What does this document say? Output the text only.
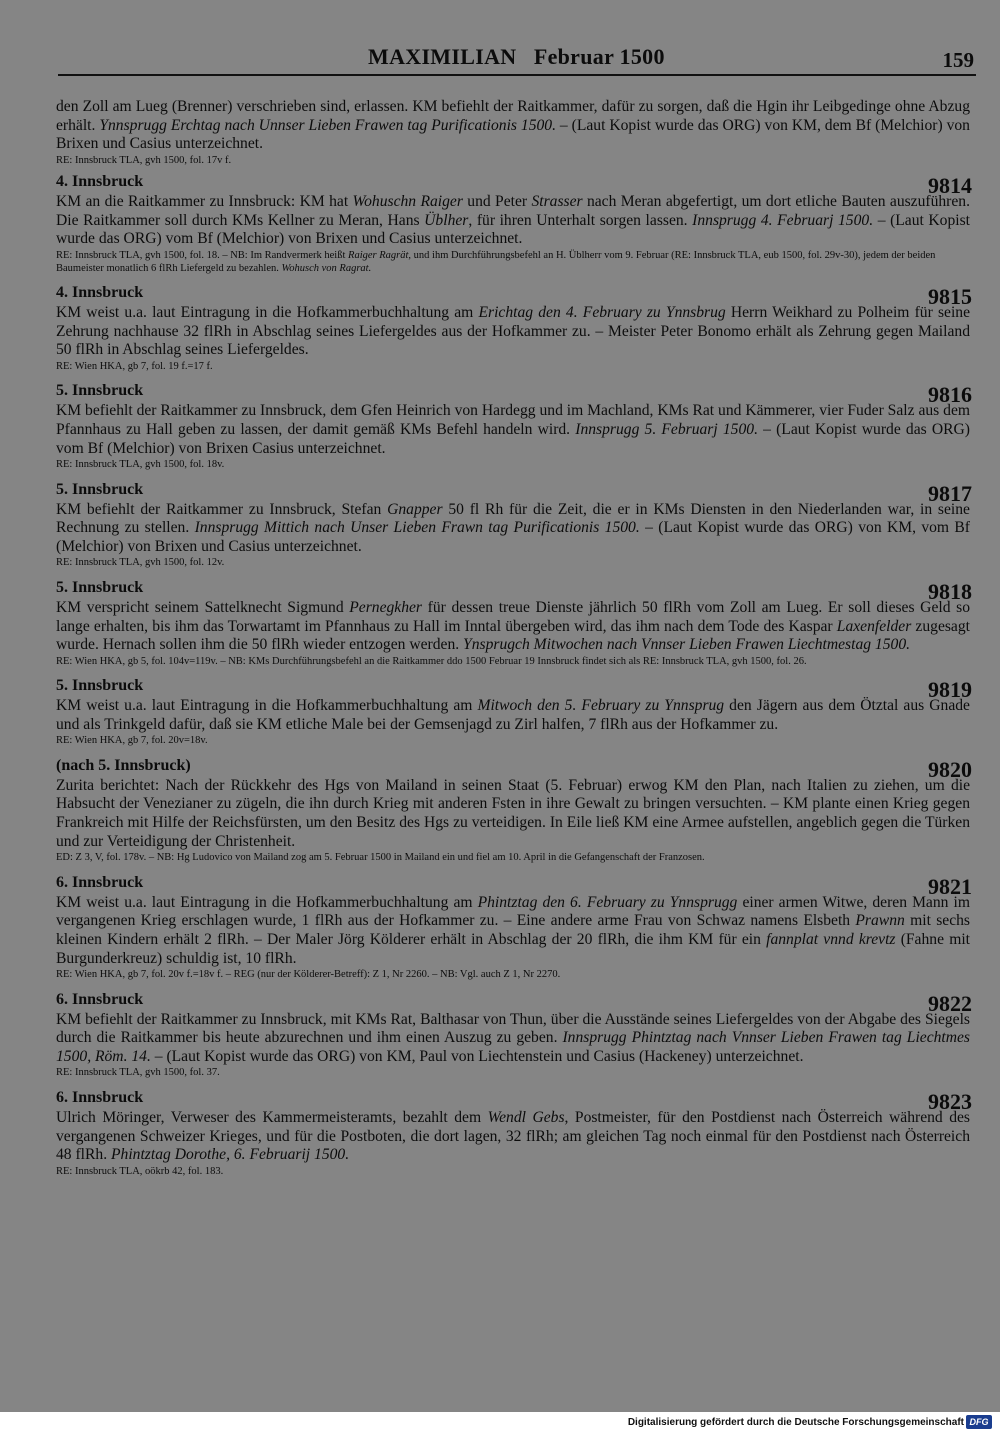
MAXIMILIAN   Februar 1500	159
den Zoll am Lueg (Brenner) verschrieben sind, erlassen. KM befiehlt der Raitkammer, dafür zu sorgen, daß die Hgin ihr Leibgedinge ohne Abzug erhält. Ynnsprugg Erchtag nach Unnser Lieben Frawen tag Purificationis 1500. – (Laut Kopist wurde das ORG) von KM, dem Bf (Melchior) von Brixen und Casius unterzeichnet.
RE: Innsbruck TLA, gvh 1500, fol. 17v f.
4. Innsbruck	9814
KM an die Raitkammer zu Innsbruck: KM hat Wohuschn Raiger und Peter Strasser nach Meran abgefertigt, um dort etliche Bauten auszuführen. Die Raitkammer soll durch KMs Kellner zu Meran, Hans Üblher, für ihren Unterhalt sorgen lassen. Innsprugg 4. Februarj 1500. – (Laut Kopist wurde das ORG) vom Bf (Melchior) von Brixen und Casius unterzeichnet.
RE: Innsbruck TLA, gvh 1500, fol. 18. – NB: Im Randvermerk heißt Raiger Ragrät, und ihm Durchführungsbefehl an H. Üblherr vom 9. Februar (RE: Innsbruck TLA, eub 1500, fol. 29v-30), jedem der beiden Baumeister monatlich 6 flRh Liefergeld zu bezahlen. Wohusch von Ragrat.
4. Innsbruck	9815
KM weist u.a. laut Eintragung in die Hofkammerbuchhaltung am Erichtag den 4. February zu Ynnsbrug Herrn Weikhard zu Polheim für seine Zehrung nachhause 32 flRh in Abschlag seines Liefergeldes aus der Hofkammer zu. – Meister Peter Bonomo erhält als Zehrung gegen Mailand 50 flRh in Abschlag seines Liefergeldes.
RE: Wien HKA, gb 7, fol. 19 f.=17 f.
5. Innsbruck	9816
KM befiehlt der Raitkammer zu Innsbruck, dem Gfen Heinrich von Hardegg und im Machland, KMs Rat und Kämmerer, vier Fuder Salz aus dem Pfannhaus zu Hall geben zu lassen, der damit gemäß KMs Befehl handeln wird. Innsprugg 5. Februarj 1500. – (Laut Kopist wurde das ORG) vom Bf (Melchior) von Brixen Casius unterzeichnet.
RE: Innsbruck TLA, gvh 1500, fol. 18v.
5. Innsbruck	9817
KM befiehlt der Raitkammer zu Innsbruck, Stefan Gnapper 50 fl Rh für die Zeit, die er in KMs Diensten in den Niederlanden war, in seine Rechnung zu stellen. Innsprugg Mittich nach Unser Lieben Frawn tag Purificationis 1500. – (Laut Kopist wurde das ORG) von KM, vom Bf (Melchior) von Brixen und Casius unterzeichnet.
RE: Innsbruck TLA, gvh 1500, fol. 12v.
5. Innsbruck	9818
KM verspricht seinem Sattelknecht Sigmund Pernegkher für dessen treue Dienste jährlich 50 flRh vom Zoll am Lueg. Er soll dieses Geld so lange erhalten, bis ihm das Torwartamt im Pfannhaus zu Hall im Inntal übergeben wird, das ihm nach dem Tode des Kaspar Laxenfelder zugesagt wurde. Hernach sollen ihm die 50 flRh wieder entzogen werden. Ynsprugch Mitwochen nach Vnnser Lieben Frawen Liechtmestag 1500.
RE: Wien HKA, gb 5, fol. 104v=119v. – NB: KMs Durchführungsbefehl an die Raitkammer ddo 1500 Februar 19 Innsbruck findet sich als RE: Innsbruck TLA, gvh 1500, fol. 26.
5. Innsbruck	9819
KM weist u.a. laut Eintragung in die Hofkammerbuchhaltung am Mitwoch den 5. February zu Ynnsprug den Jägern aus dem Ötztal aus Gnade und als Trinkgeld dafür, daß sie KM etliche Male bei der Gemsenjagd zu Zirl halfen, 7 flRh aus der Hofkammer zu.
RE: Wien HKA, gb 7, fol. 20v=18v.
(nach 5. Innsbruck)	9820
Zurita berichtet: Nach der Rückkehr des Hgs von Mailand in seinen Staat (5. Februar) erwog KM den Plan, nach Italien zu ziehen, um die Habsucht der Venezianer zu zügeln, die ihn durch Krieg mit anderen Fsten in ihre Gewalt zu bringen versuchten. – KM plante einen Krieg gegen Frankreich mit Hilfe der Reichsfürsten, um den Besitz des Hgs zu verteidigen. In Eile ließ KM eine Armee aufstellen, angeblich gegen die Türken und zur Verteidigung der Christenheit.
ED: Z 3, V, fol. 178v. – NB: Hg Ludovico von Mailand zog am 5. Februar 1500 in Mailand ein und fiel am 10. April in die Gefangenschaft der Franzosen.
6. Innsbruck	9821
KM weist u.a. laut Eintragung in die Hofkammerbuchhaltung am Phintztag den 6. February zu Ynnsprugg einer armen Witwe, deren Mann im vergangenen Krieg erschlagen wurde, 1 flRh aus der Hofkammer zu. – Eine andere arme Frau von Schwaz namens Elsbeth Prawnn mit sechs kleinen Kindern erhält 2 flRh. – Der Maler Jörg Kölderer erhält in Abschlag der 20 flRh, die ihm KM für ein fannplat vnnd krevtz (Fahne mit Burgunderkreuz) schuldig ist, 10 flRh.
RE: Wien HKA, gb 7, fol. 20v f.=18v f. – REG (nur der Kölderer-Betreff): Z 1, Nr 2260. – NB: Vgl. auch Z 1, Nr 2270.
6. Innsbruck	9822
KM befiehlt der Raitkammer zu Innsbruck, mit KMs Rat, Balthasar von Thun, über die Ausstände seines Liefergeldes von der Abgabe des Siegels durch die Raitkammer bis heute abzurechnen und ihm einen Auszug zu geben. Innsprugg Phintztag nach Vnnser Lieben Frawen tag Liechtmes 1500, Röm. 14. – (Laut Kopist wurde das ORG) von KM, Paul von Liechtenstein und Casius (Hackeney) unterzeichnet.
RE: Innsbruck TLA, gvh 1500, fol. 37.
6. Innsbruck	9823
Ulrich Möringer, Verweser des Kammermeisteramts, bezahlt dem Wendl Gebs, Postmeister, für den Postdienst nach Österreich während des vergangenen Schweizer Krieges, und für die Postboten, die dort lagen, 32 flRh; am gleichen Tag noch einmal für den Postdienst nach Österreich 48 flRh. Phintztag Dorothe, 6. Februarij 1500.
RE: Innsbruck TLA, oökrb 42, fol. 183.
Digitalisierung gefördert durch die Deutsche Forschungsgemeinschaft DFG
